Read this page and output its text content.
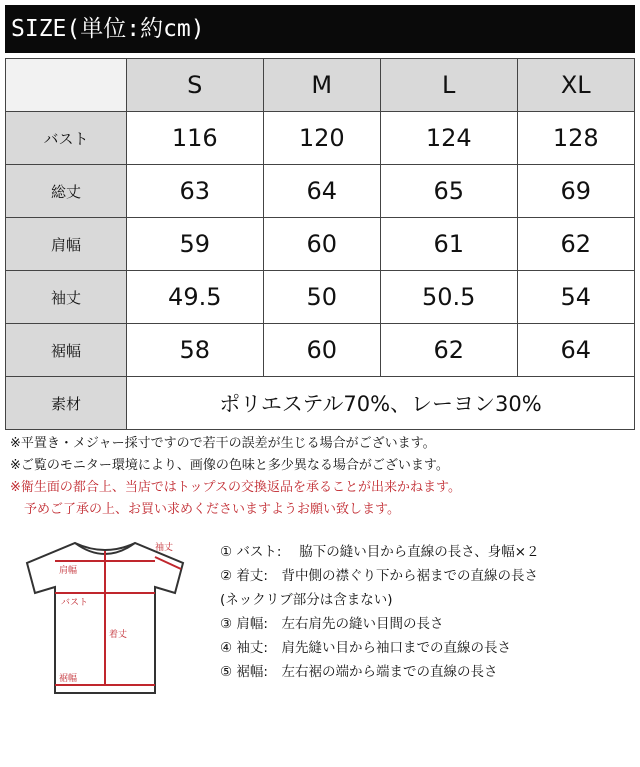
SIZE(単位:約cm)
	S	M	L	XL
バスト	116	120	124	128
総丈	63	64	65	69
肩幅	59	60	61	62
袖丈	49.5	50	50.5	54
裾幅	58	60	62	64
素材	ポリエステル70%、レーヨン30%			
※平置き・メジャー採寸ですので若干の誤差が生じる場合がございます。
※ご覧のモニター環境により、画像の色味と多少異なる場合がございます。
※衛生面の都合上、当店ではトップスの交換返品を承ることが出来かねます。
予めご了承の上、お買い求めくださいますようお願い致します。
袖丈
肩幅
バスト
着丈
裾幅
① バスト:　 脇下の縫い目から直線の長さ、身幅×２
② 着丈:　背中側の襟ぐり下から裾までの直線の長さ
(ネックリブ部分は含まない)
③ 肩幅:　左右肩先の縫い目間の長さ
④ 袖丈:　肩先縫い目から袖口までの直線の長さ
⑤ 裾幅:　左右裾の端から端までの直線の長さ
